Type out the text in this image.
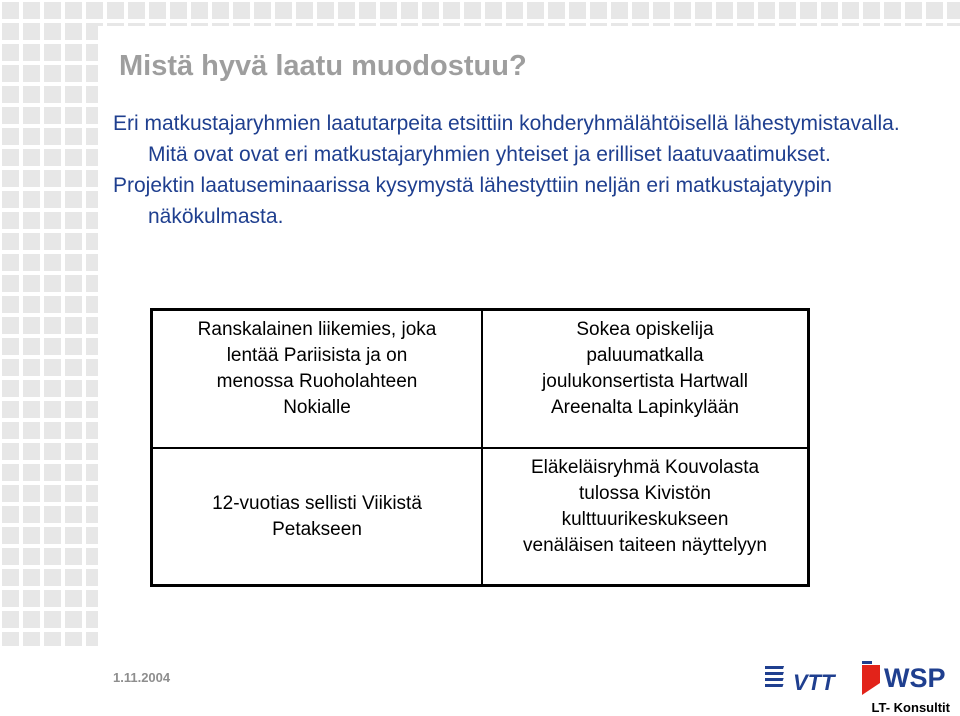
Mistä hyvä laatu muodostuu?

Eri matkustajaryhmien laatutarpeita etsittiin kohderyhmälähtöisellä lähestymistavalla. Mitä ovat ovat eri matkustajaryhmien yhteiset ja erilliset laatuvaatimukset.

Projektin laatuseminaarissa kysymystä lähestyttiin neljän eri matkustajatyypin näkökulmasta.

Ranskalainen liikemies, joka
lentää Pariisista ja on
menossa Ruoholahteen
Nokialle
Sokea opiskelija
paluumatkalla
joulukonsertista Hartwall
Areenalta Lapinkylään
12-vuotias sellisti Viikistä
Petakseen
Eläkeläisryhmä Kouvolasta
tulossa Kivistön
kulttuurikeskukseen
venäläisen taiteen näyttelyyn
1.11.2004	VTT WSP
LT- Konsultit
